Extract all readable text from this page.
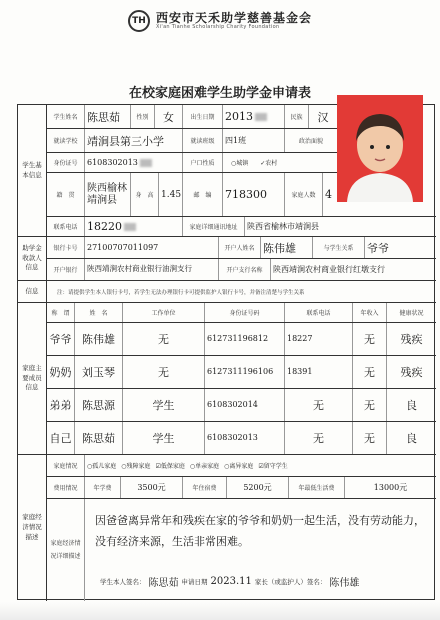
TH 西安市天禾助学慈善基金会
Xi'an Tianhe Scholarship Charity Foundation
在校家庭困难学生助学金申请表
学生基本信息
助学金收款人信息
信息
家庭主要成员信息
家庭经济情况描述
学生姓名 陈思茹	性别	女	出生日期 2013	民族	汉
就读学校 靖涧县第三小学	就读班级	四1班	政治面貌
身份证号	6108302013	户口性质	○城镇 ✓农村
籍　贯
陕西榆林靖涧县	身　高 1.45	邮　编	718300	家庭人数 4
联系电话 18220	家庭详细通讯地址	陕西省榆林市靖涧县
银行卡号	27100707011097	开户人姓名 陈伟雄	与学生关系	爷爷
开户银行	陕西靖涧农村商业银行油涧支行	开户支行名称	陕西靖涧农村商业银行红墩支行
注：请提供学生本人银行卡号，若学生无法办理银行卡可提供监护人银行卡号，并备注清楚与学生关系
称　谓	姓　名	工作单位	身份证号码	联系电话	年收入	健康状况
爷爷 陈伟雄	无	612731196812	18227	无	残疾
奶奶 刘玉琴	无	6127311196106	18391	无	残疾
弟弟 陈思源	学生	6108302014	无	无	良
自己 陈思茹	学生	6108302013	无	无	良
家庭情况	○孤儿家庭 ○残障家庭 ☑低保家庭 ○单亲家庭 ○离异家庭 ☑留守学生
费用情况	年学费	3500元	年住宿费	5200元	年最低生活费	13000元
家庭经济情况详细描述
因爸爸离异常年和残疾在家的爷爷和奶奶一起生活，没有劳动能力，没有经济来源，生活非常困难。
学生本人签名： 陈思茹 申请日期 2023.11 家长（或监护人）签名： 陈伟雄
